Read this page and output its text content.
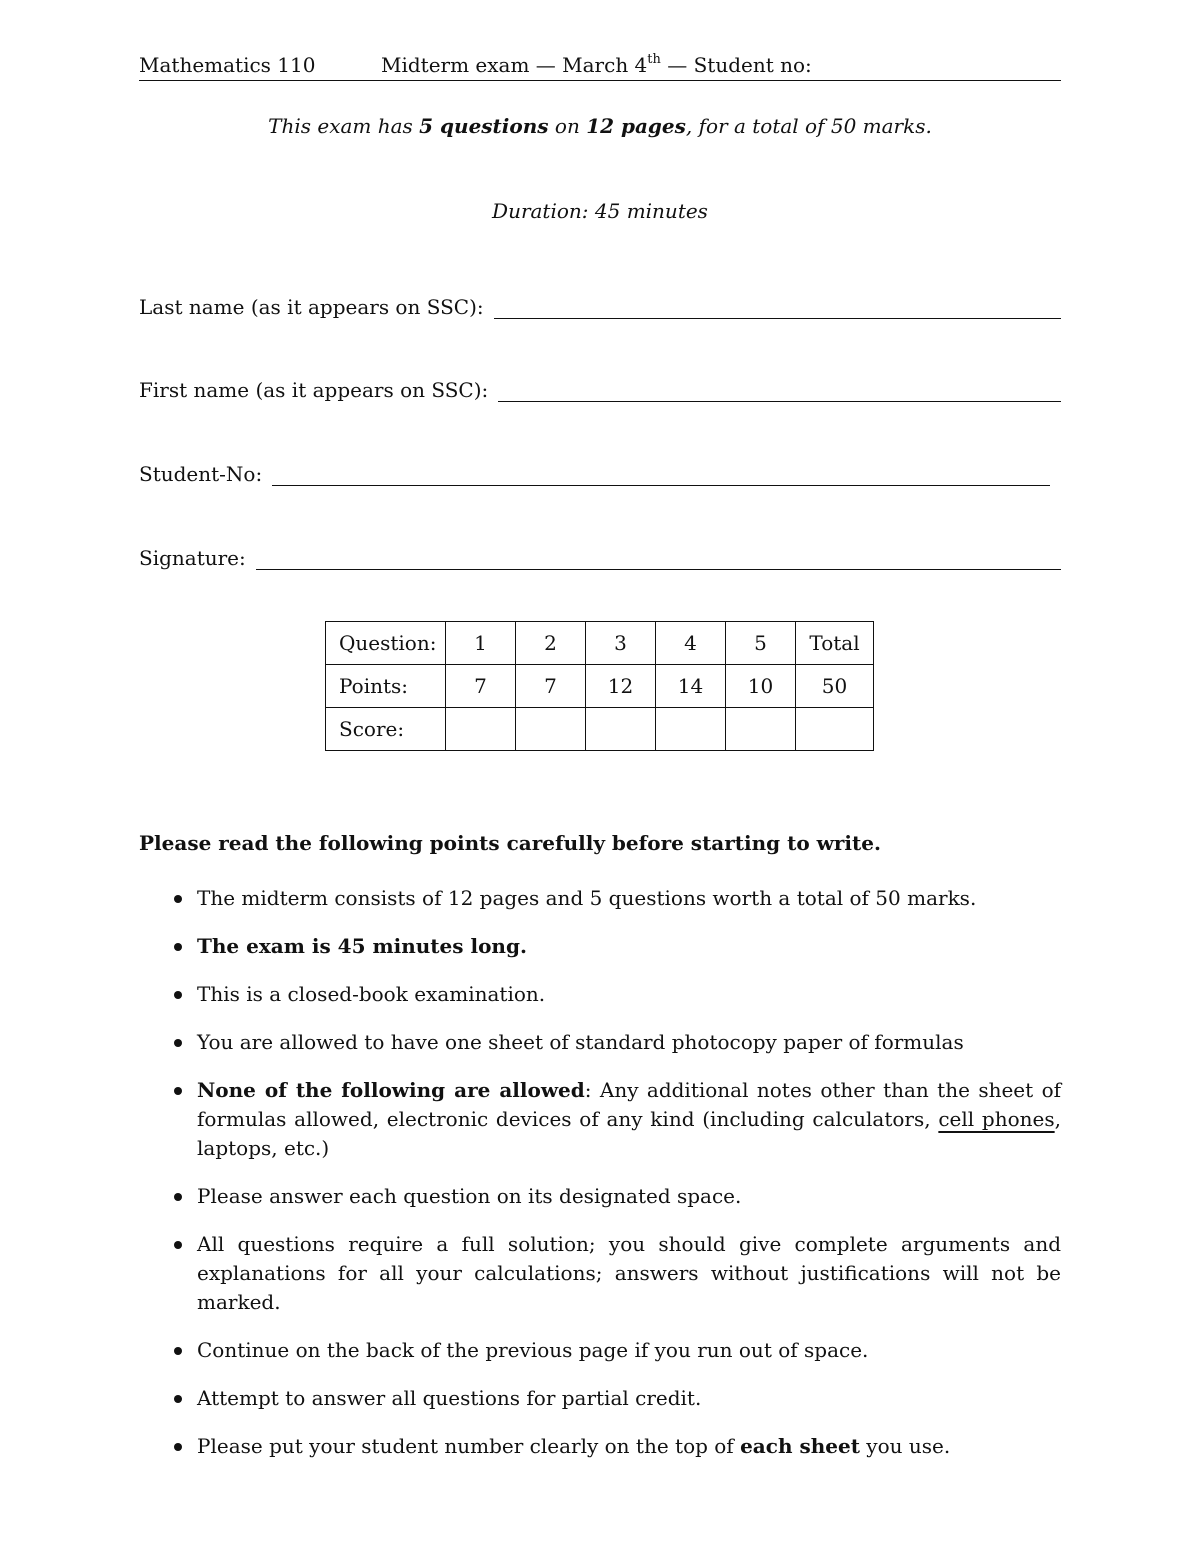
Mathematics 110	Midterm exam — March 4th — Student no:
This exam has 5 questions on 12 pages, for a total of 50 marks.
Duration: 45 minutes
Last name (as it appears on SSC):
First name (as it appears on SSC):
Student-No:
Signature:
Question:	1	2	3	4	5	Total
Points:	7	7	12	14	10	50
Score:						
Please read the following points carefully before starting to write.
The midterm consists of 12 pages and 5 questions worth a total of 50 marks.
The exam is 45 minutes long.
This is a closed-book examination.
You are allowed to have one sheet of standard photocopy paper of formulas
None of the following are allowed: Any additional notes other than the sheet of formulas allowed, electronic devices of any kind (including calculators, cell phones, laptops, etc.)
Please answer each question on its designated space.
All questions require a full solution; you should give complete arguments and explanations for all your calculations; answers without justifications will not be marked.
Continue on the back of the previous page if you run out of space.
Attempt to answer all questions for partial credit.
Please put your student number clearly on the top of each sheet you use.
